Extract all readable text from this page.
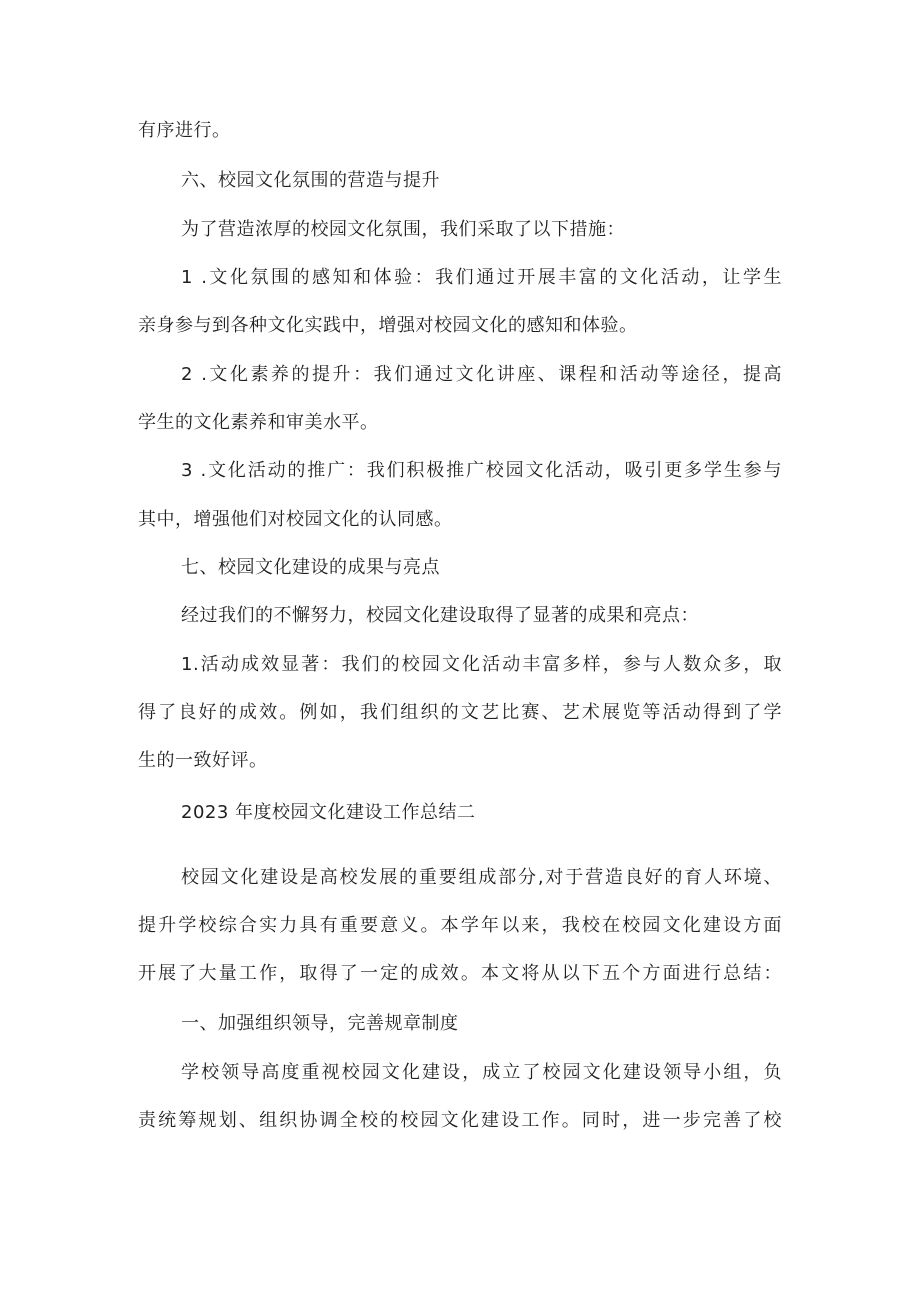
有序进行。
六、校园文化氛围的营造与提升
为了营造浓厚的校园文化氛围，我们采取了以下措施：
1 .文化氛围的感知和体验：我们通过开展丰富的文化活动，让学生
亲身参与到各种文化实践中，增强对校园文化的感知和体验。
2 .文化素养的提升：我们通过文化讲座、课程和活动等途径，提高
学生的文化素养和审美水平。
3 .文化活动的推广：我们积极推广校园文化活动，吸引更多学生参与
其中，增强他们对校园文化的认同感。
七、校园文化建设的成果与亮点
经过我们的不懈努力，校园文化建设取得了显著的成果和亮点：
1.活动成效显著：我们的校园文化活动丰富多样，参与人数众多，取
得了良好的成效。例如，我们组织的文艺比赛、艺术展览等活动得到了学
生的一致好评。
2023 年度校园文化建设工作总结二
校园文化建设是高校发展的重要组成部分,对于营造良好的育人环境、
提升学校综合实力具有重要意义。本学年以来，我校在校园文化建设方面
开展了大量工作，取得了一定的成效。本文将从以下五个方面进行总结：
一、加强组织领导，完善规章制度
学校领导高度重视校园文化建设，成立了校园文化建设领导小组，负
责统筹规划、组织协调全校的校园文化建设工作。同时，进一步完善了校
